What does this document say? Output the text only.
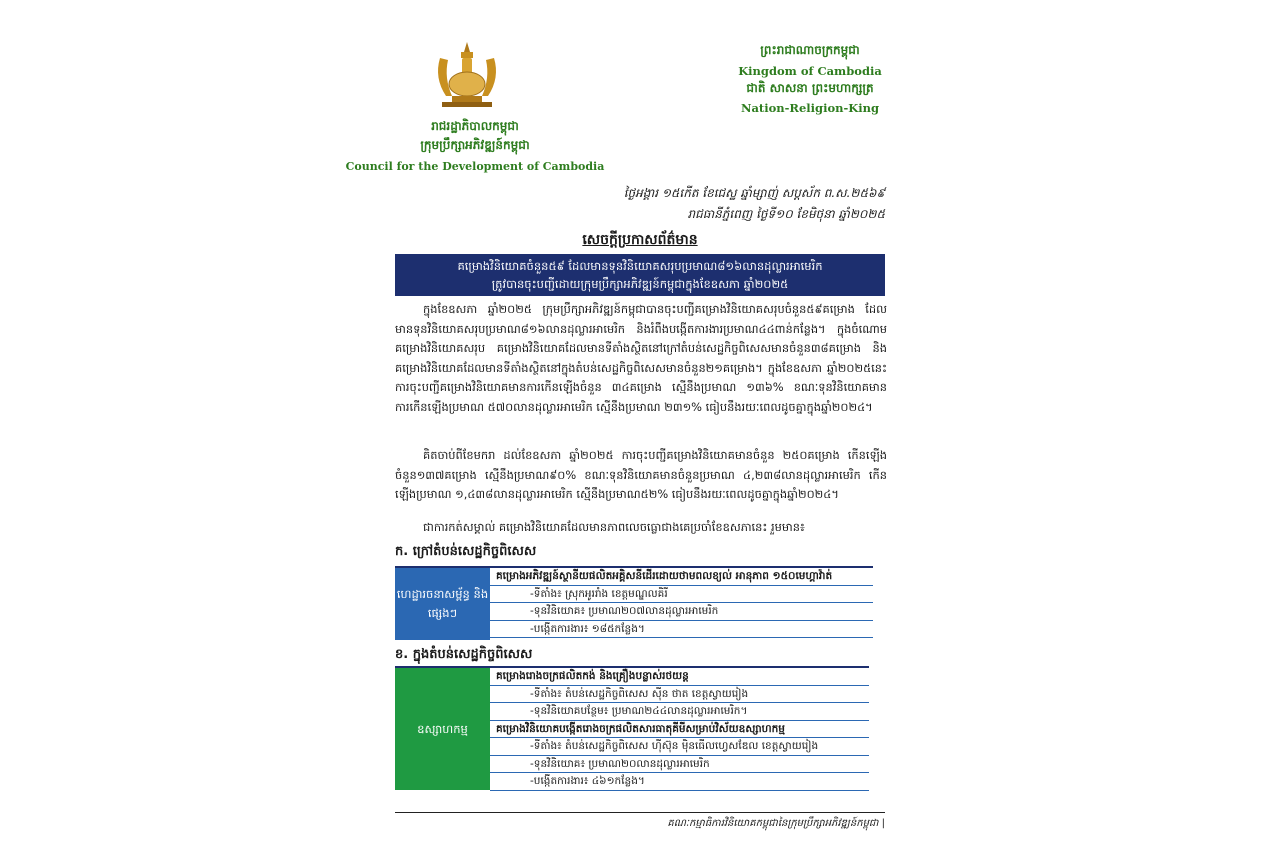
រាជរដ្ឋាភិបាលកម្ពុជា
ក្រុមប្រឹក្សាអភិវឌ្ឍន៍កម្ពុជា
Council for the Development of Cambodia
ព្រះរាជាណាចក្រកម្ពុជា
Kingdom of Cambodia
ជាតិ សាសនា ព្រះមហាក្សត្រ
Nation-Religion-King
ថ្ងៃអង្គារ ១៥កើត ខែជេស្ឋ ឆ្នាំម្សាញ់ សប្តស័ក ព.ស.២៥៦៩
រាជធានីភ្នំពេញ ថ្ងៃទី១០ ខែមិថុនា ឆ្នាំ២០២៥
សេចក្តីប្រកាសព័ត៌មាន
គម្រោងវិនិយោគចំនួន៥៩ ដែលមានទុនវិនិយោគសរុបប្រមាណ៨១៦លានដុល្លារអាមេរិក
ត្រូវបានចុះបញ្ជីដោយក្រុមប្រឹក្សាអភិវឌ្ឍន៍កម្ពុជាក្នុងខែឧសភា ឆ្នាំ២០២៥
ក្នុងខែឧសភា ឆ្នាំ២០២៥ ក្រុមប្រឹក្សាអភិវឌ្ឍន៍កម្ពុជាបានចុះបញ្ជីគម្រោងវិនិយោគសរុបចំនួន៥៩គម្រោង ដែលមានទុនវិនិយោគសរុបប្រមាណ៨១៦លានដុល្លារអាមេរិក និងរំពឹងបង្កើតការងារប្រមាណ៤៤ពាន់កន្លែង។ ក្នុងចំណោមគម្រោងវិនិយោគសរុប គម្រោងវិនិយោគដែលមានទីតាំងស្ថិតនៅក្រៅតំបន់សេដ្ឋកិច្ចពិសេសមានចំនួន៣៨គម្រោង និងគម្រោងវិនិយោគដែលមានទីតាំងស្ថិតនៅក្នុងតំបន់សេដ្ឋកិច្ចពិសេសមានចំនួន២១គម្រោង។ ក្នុងខែឧសភា ឆ្នាំ២០២៥នេះ ការចុះបញ្ជីគម្រោងវិនិយោគមានការកើនឡើងចំនួន ៣៤គម្រោង ស្មើនឹងប្រមាណ ១៣៦% ខណៈទុនវិនិយោគមានការកើនឡើងប្រមាណ ៥៧០លានដុល្លារអាមេរិក ស្មើនឹងប្រមាណ ២៣១% ធៀបនឹងរយៈពេលដូចគ្នាក្នុងឆ្នាំ២០២៤។
គិតចាប់ពីខែមករា ដល់ខែឧសភា ឆ្នាំ២០២៥ ការចុះបញ្ជីគម្រោងវិនិយោគមានចំនួន ២៥០គម្រោង កើនឡើងចំនួន១៣៧គម្រោង ស្មើនឹងប្រមាណ៩០% ខណៈទុនវិនិយោគមានចំនួនប្រមាណ ៤,២៣៨លានដុល្លារអាមេរិក កើនឡើងប្រមាណ ១,៤៣៨លានដុល្លារអាមេរិក ស្មើនឹងប្រមាណ៥២% ធៀបនឹងរយៈពេលដូចគ្នាក្នុងឆ្នាំ២០២៤។
ជាការកត់សម្គាល់ គម្រោងវិនិយោគដែលមានភាពលេចធ្លោជាងគេប្រចាំខែឧសភានេះ រួមមាន៖
ក. ក្រៅតំបន់សេដ្ឋកិច្ចពិសេស
ហេដ្ឋារចនាសម្ព័ន្ធ និងផ្សេងៗ
គម្រោងអភិវឌ្ឍន៍ស្ថានីយផលិតអគ្គិសនីដើរដោយថាមពលខ្យល់ អានុភាព ១៥០មេហ្គាវ៉ាត់
-ទីតាំង៖ ស្រុកអូររាំង ខេត្តមណ្ឌលគិរី
-ទុនវិនិយោគ៖ ប្រមាណ២០៧លានដុល្លារអាមេរិក
-បង្កើតការងារ៖ ១៨៥កន្លែង។
ខ. ក្នុងតំបន់សេដ្ឋកិច្ចពិសេស
ឧស្សាហកម្ម
គម្រោងរោងចក្រផលិតកង់ និងគ្រឿងបន្លាស់រថយន្ត
-ទីតាំង៖ តំបន់សេដ្ឋកិច្ចពិសេស ស៊ីន ថាត ខេត្តស្វាយរៀង
-ទុនវិនិយោគបន្ថែម៖ ប្រមាណ២៤៤លានដុល្លារអាមេរិក។
គម្រោងវិនិយោគបង្កើតរោងចក្រផលិតសារធាតុគីមីសម្រាប់វិស័យឧស្សាហកម្ម
-ទីតាំង៖ តំបន់សេដ្ឋកិច្ចពិសេស ហ៊ីស៊ុន ម៉ិនធើលហ្វេសឌែល ខេត្តស្វាយរៀង
-ទុនវិនិយោគ៖ ប្រមាណ២០លានដុល្លារអាមេរិក
-បង្កើតការងារ៖ ៤៦១កន្លែង។
គណៈកម្មាធិការវិនិយោគកម្ពុជានៃក្រុមប្រឹក្សាអភិវឌ្ឍន៍កម្ពុជា |
